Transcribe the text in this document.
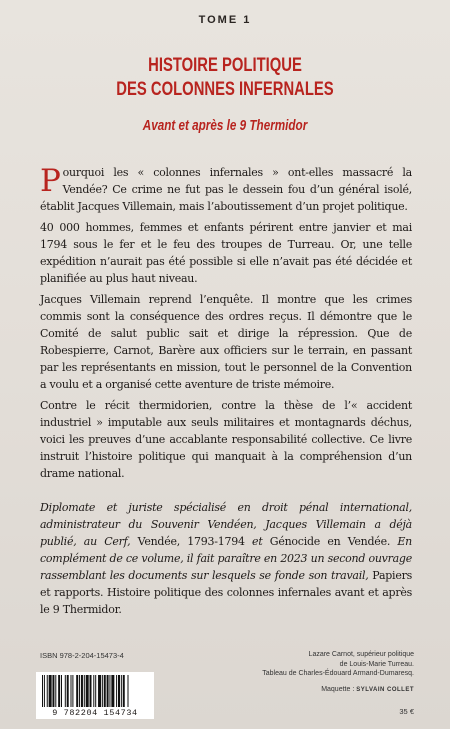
TOME 1
HISTOIRE POLITIQUE
DES COLONNES INFERNALES
Avant et après le 9 Thermidor

Pourquoi les « colonnes infernales » ont-elles massacré la Vendée? Ce crime ne fut pas le dessein fou d’un général isolé, établit Jacques Villemain, mais l’aboutissement d’un projet politique.

40 000 hommes, femmes et enfants périrent entre janvier et mai 1794 sous le fer et le feu des troupes de Turreau. Or, une telle expédition n’aurait pas été possible si elle n’avait pas été décidée et planifiée au plus haut niveau.

Jacques Villemain reprend l’enquête. Il montre que les crimes commis sont la conséquence des ordres reçus. Il démontre que le Comité de salut public sait et dirige la répression. Que de Robespierre, Carnot, Barère aux officiers sur le terrain, en passant par les représentants en mission, tout le personnel de la Convention a voulu et a organisé cette aventure de triste mémoire.

Contre le récit thermidorien, contre la thèse de l’« accident industriel » imputable aux seuls militaires et montagnards déchus, voici les preuves d’une accablante responsabilité collective. Ce livre instruit l’histoire politique qui manquait à la compréhension d’un drame national.

Diplomate et juriste spécialisé en droit pénal international, administrateur du Souvenir Vendéen, Jacques Villemain a déjà publié, au Cerf, Vendée, 1793-1794 et Génocide en Vendée. En complément de ce volume, il fait paraître en 2023 un second ouvrage rassemblant les documents sur lesquels se fonde son travail, Papiers et rapports. Histoire politique des colonnes infernales avant et après le 9 Thermidor.

ISBN 978-2-204-15473-4
9 782204 154734

Lazare Carnot, supérieur politique

de Louis-Marie Turreau.

Tableau de Charles-Édouard Armand-Dumaresq.

Maquette : SYLVAIN COLLET
35 €
